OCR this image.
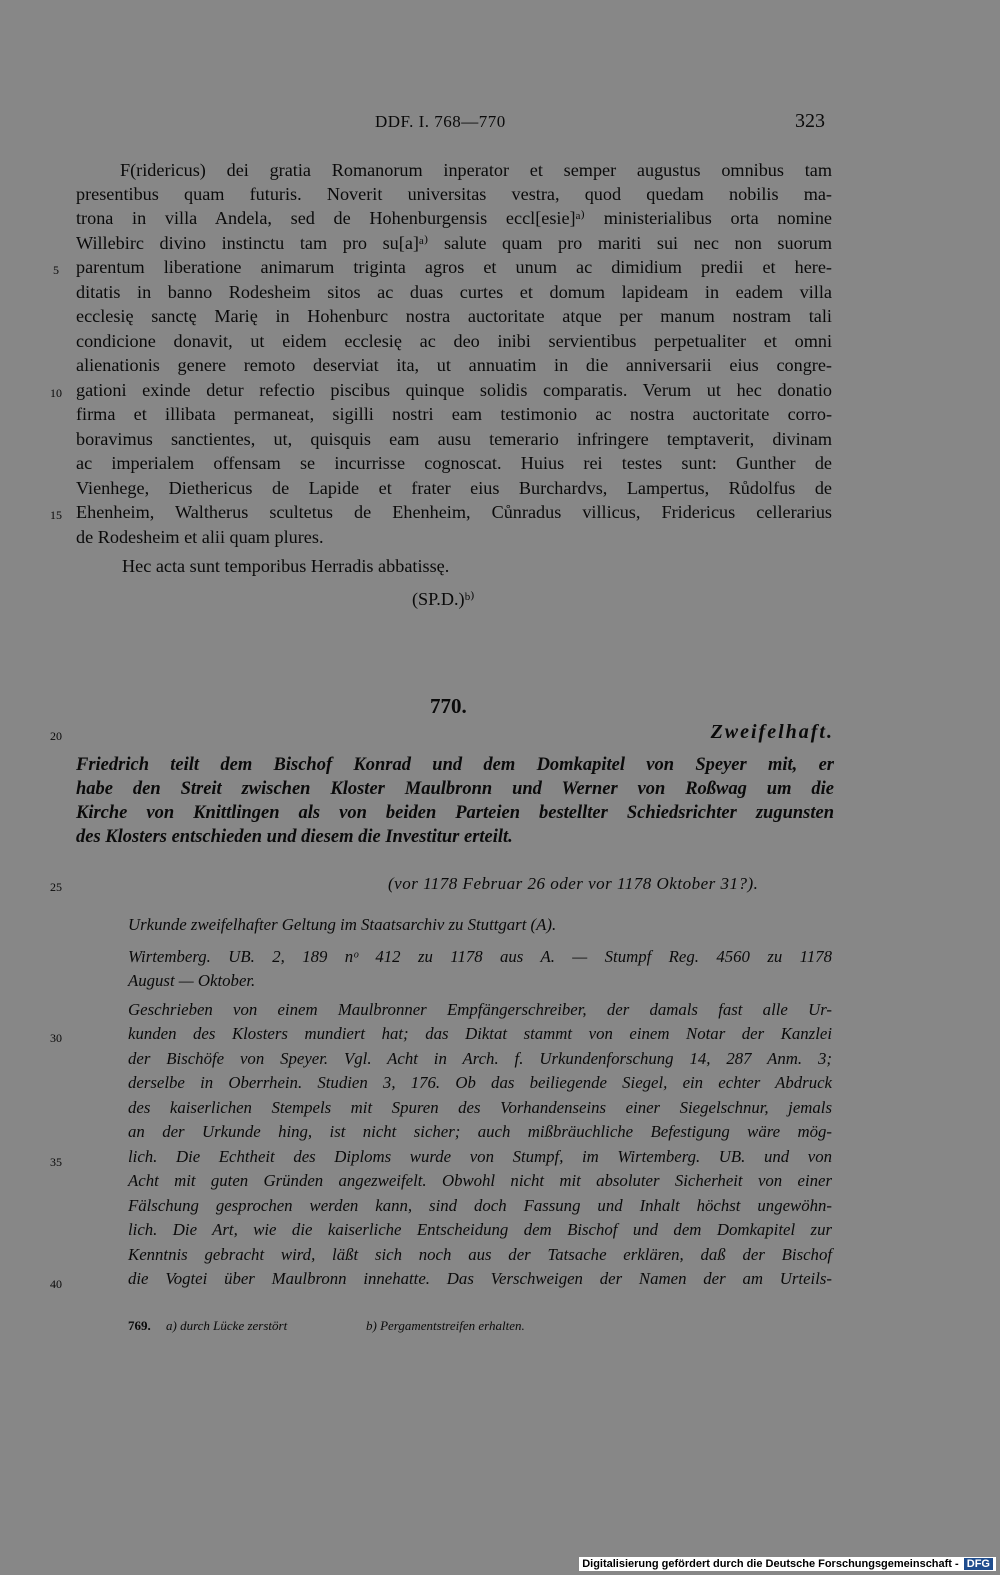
DDF. I. 768—770	323
F(ridericus) dei gratia Romanorum inperator et semper augustus omnibus tam
presentibus quam futuris. Noverit universitas vestra, quod quedam nobilis ma-
trona in villa Andela, sed de Hohenburgensis eccl[esie]ᵃ⁾ ministerialibus orta nomine
Willebirc divino instinctu tam pro su[a]ᵃ⁾ salute quam pro mariti sui nec non suorum
parentum liberatione animarum triginta agros et unum ac dimidium predii et here-
ditatis in banno Rodesheim sitos ac duas curtes et domum lapideam in eadem villa
ecclesię sanctę Marię in Hohenburc nostra auctoritate atque per manum nostram tali
condicione donavit, ut eidem ecclesię ac deo inibi servientibus perpetualiter et omni
alienationis genere remoto deserviat ita, ut annuatim in die anniversarii eius congre-
gationi exinde detur refectio piscibus quinque solidis comparatis. Verum ut hec donatio
firma et illibata permaneat, sigilli nostri eam testimonio ac nostra auctoritate corro-
boravimus sanctientes, ut, quisquis eam ausu temerario infringere temptaverit, divinam
ac imperialem offensam se incurrisse cognoscat. Huius rei testes sunt: Gunther de
Vienhege, Diethericus de Lapide et frater eius Burchardvs, Lampertus, Růdolfus de
Ehenheim, Waltherus scultetus de Ehenheim, Cůnradus villicus, Fridericus cellerarius
de Rodesheim et alii quam plures.
Hec acta sunt temporibus Herradis abbatissę.
(SP.D.)ᵇ⁾
5
10
15
20
25
30
35
40
770.
Zweifelhaft.
Friedrich teilt dem Bischof Konrad und dem Domkapitel von Speyer mit, er
habe den Streit zwischen Kloster Maulbronn und Werner von Roßwag um die
Kirche von Knittlingen als von beiden Parteien bestellter Schiedsrichter zugunsten
des Klosters entschieden und diesem die Investitur erteilt.
(vor 1178 Februar 26 oder vor 1178 Oktober 31?).
Urkunde zweifelhafter Geltung im Staatsarchiv zu Stuttgart (A).
Wirtemberg. UB. 2, 189 nᵒ 412 zu 1178 aus A. — Stumpf Reg. 4560 zu 1178
August — Oktober.
Geschrieben von einem Maulbronner Empfängerschreiber, der damals fast alle Ur-
kunden des Klosters mundiert hat; das Diktat stammt von einem Notar der Kanzlei
der Bischöfe von Speyer. Vgl. Acht in Arch. f. Urkundenforschung 14, 287 Anm. 3;
derselbe in Oberrhein. Studien 3, 176. Ob das beiliegende Siegel, ein echter Abdruck
des kaiserlichen Stempels mit Spuren des Vorhandenseins einer Siegelschnur, jemals
an der Urkunde hing, ist nicht sicher; auch mißbräuchliche Befestigung wäre mög-
lich. Die Echtheit des Diploms wurde von Stumpf, im Wirtemberg. UB. und von
Acht mit guten Gründen angezweifelt. Obwohl nicht mit absoluter Sicherheit von einer
Fälschung gesprochen werden kann, sind doch Fassung und Inhalt höchst ungewöhn-
lich. Die Art, wie die kaiserliche Entscheidung dem Bischof und dem Domkapitel zur
Kenntnis gebracht wird, läßt sich noch aus der Tatsache erklären, daß der Bischof
die Vogtei über Maulbronn innehatte. Das Verschweigen der Namen der am Urteils-
769. a) durch Lücke zerstört	b) Pergamentstreifen erhalten.
Digitalisierung gefördert durch die Deutsche Forschungsgemeinschaft - DFG
